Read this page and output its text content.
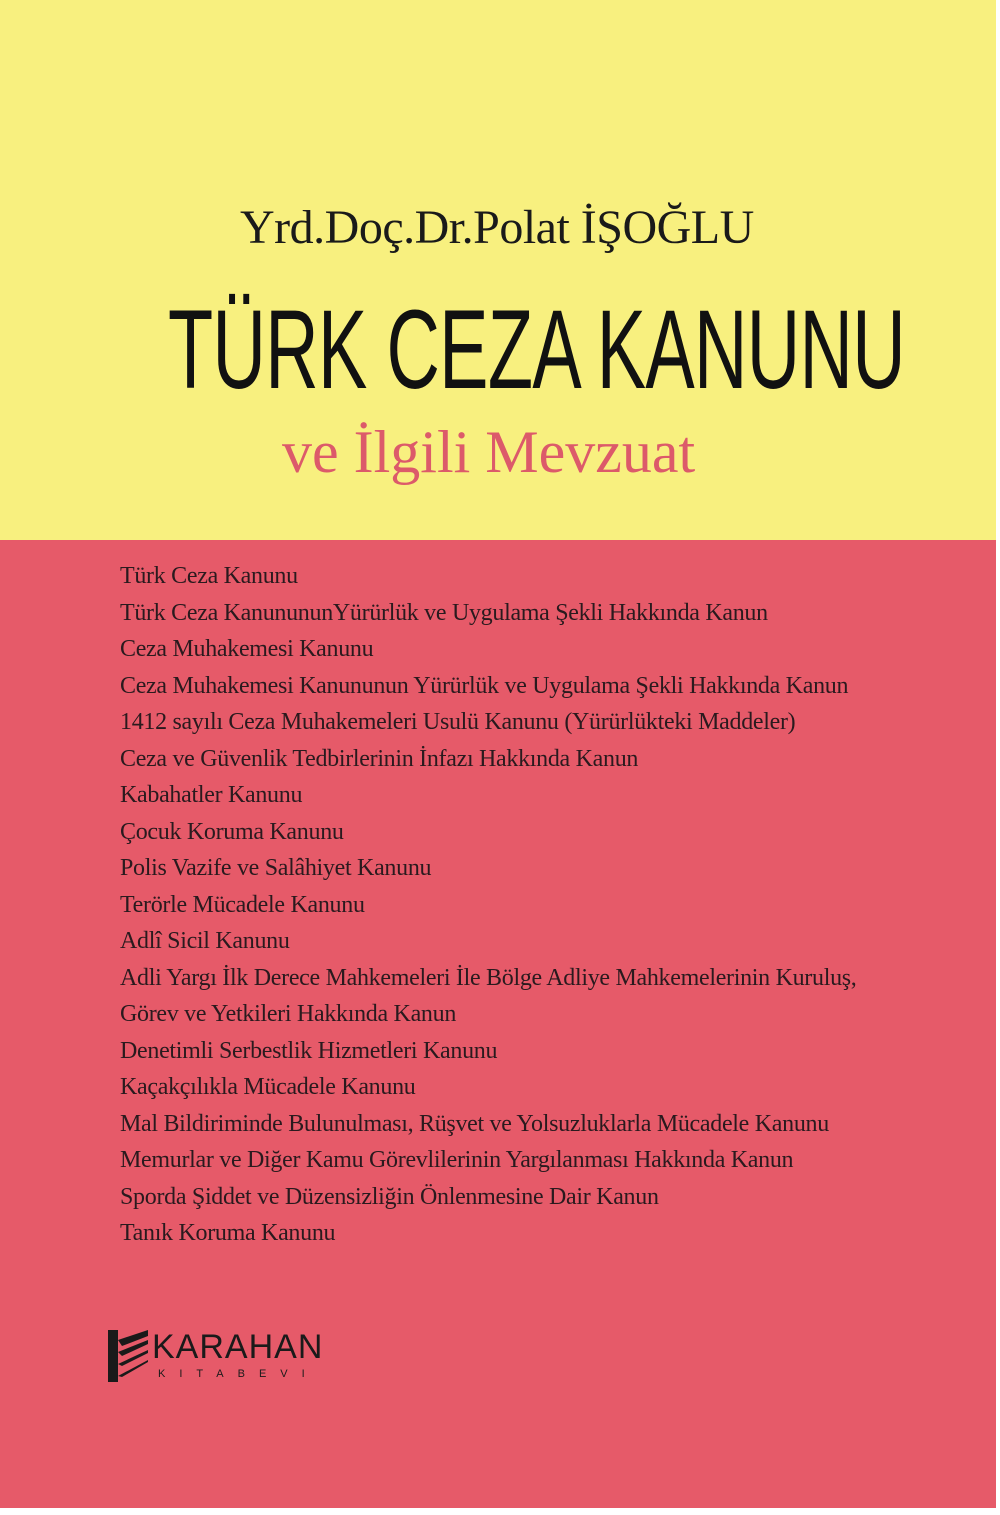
Yrd.Doç.Dr.Polat İŞOĞLU
TÜRK CEZA KANUNU
ve İlgili Mevzuat
Türk Ceza Kanunu
Türk Ceza KanunununYürürlük ve Uygulama Şekli Hakkında Kanun
Ceza Muhakemesi Kanunu
Ceza Muhakemesi Kanununun Yürürlük ve Uygulama Şekli Hakkında Kanun
1412 sayılı Ceza Muhakemeleri Usulü Kanunu (Yürürlükteki Maddeler)
Ceza ve Güvenlik Tedbirlerinin İnfazı Hakkında Kanun
Kabahatler Kanunu
Çocuk Koruma Kanunu
Polis Vazife ve Salâhiyet Kanunu
Terörle Mücadele Kanunu
Adlî Sicil Kanunu
Adli Yargı İlk Derece Mahkemeleri İle Bölge Adliye Mahkemelerinin Kuruluş,
Görev ve Yetkileri Hakkında Kanun
Denetimli Serbestlik Hizmetleri Kanunu
Kaçakçılıkla Mücadele Kanunu
Mal Bildiriminde Bulunulması, Rüşvet ve Yolsuzluklarla Mücadele Kanunu
Memurlar ve Diğer Kamu Görevlilerinin Yargılanması Hakkında Kanun
Sporda Şiddet ve Düzensizliğin Önlenmesine Dair Kanun
Tanık Koruma Kanunu
KARAHAN
KITABEVI
